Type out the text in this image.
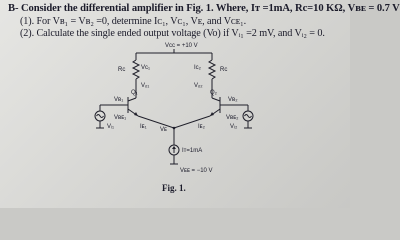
B- Consider the differential amplifier in Fig. 1. Where, Iᴛ =1mA, Rc=10 KΩ, Vʙᴇ = 0.7 V
(1). For Vʙ₁ = Vʙ₂ =0, determine Iᴄ₁, Vᴄ₁, Vᴇ, and Vᴄᴇ₁.
(2). Calculate the single ended output voltage (Vo) if Vᵢ₁ =2 mV, and Vᵢ₂ = 0.
Vᴄᴄ = +10 V
Rc	Vc₁
Vₒ₁
Rc
Ic₂
Vₒ₂
Q₁	Q₂
Iᴇ₁	Iᴇ₂
Vᴇ
Iᴛ=1mA
Vᴇᴇ = −10 V
Vʙ₁
Vʙᴇ₁
Vᵢ₁
Vʙ₂
Vʙᴇ₂
Vᵢ₂
Fig. 1.
